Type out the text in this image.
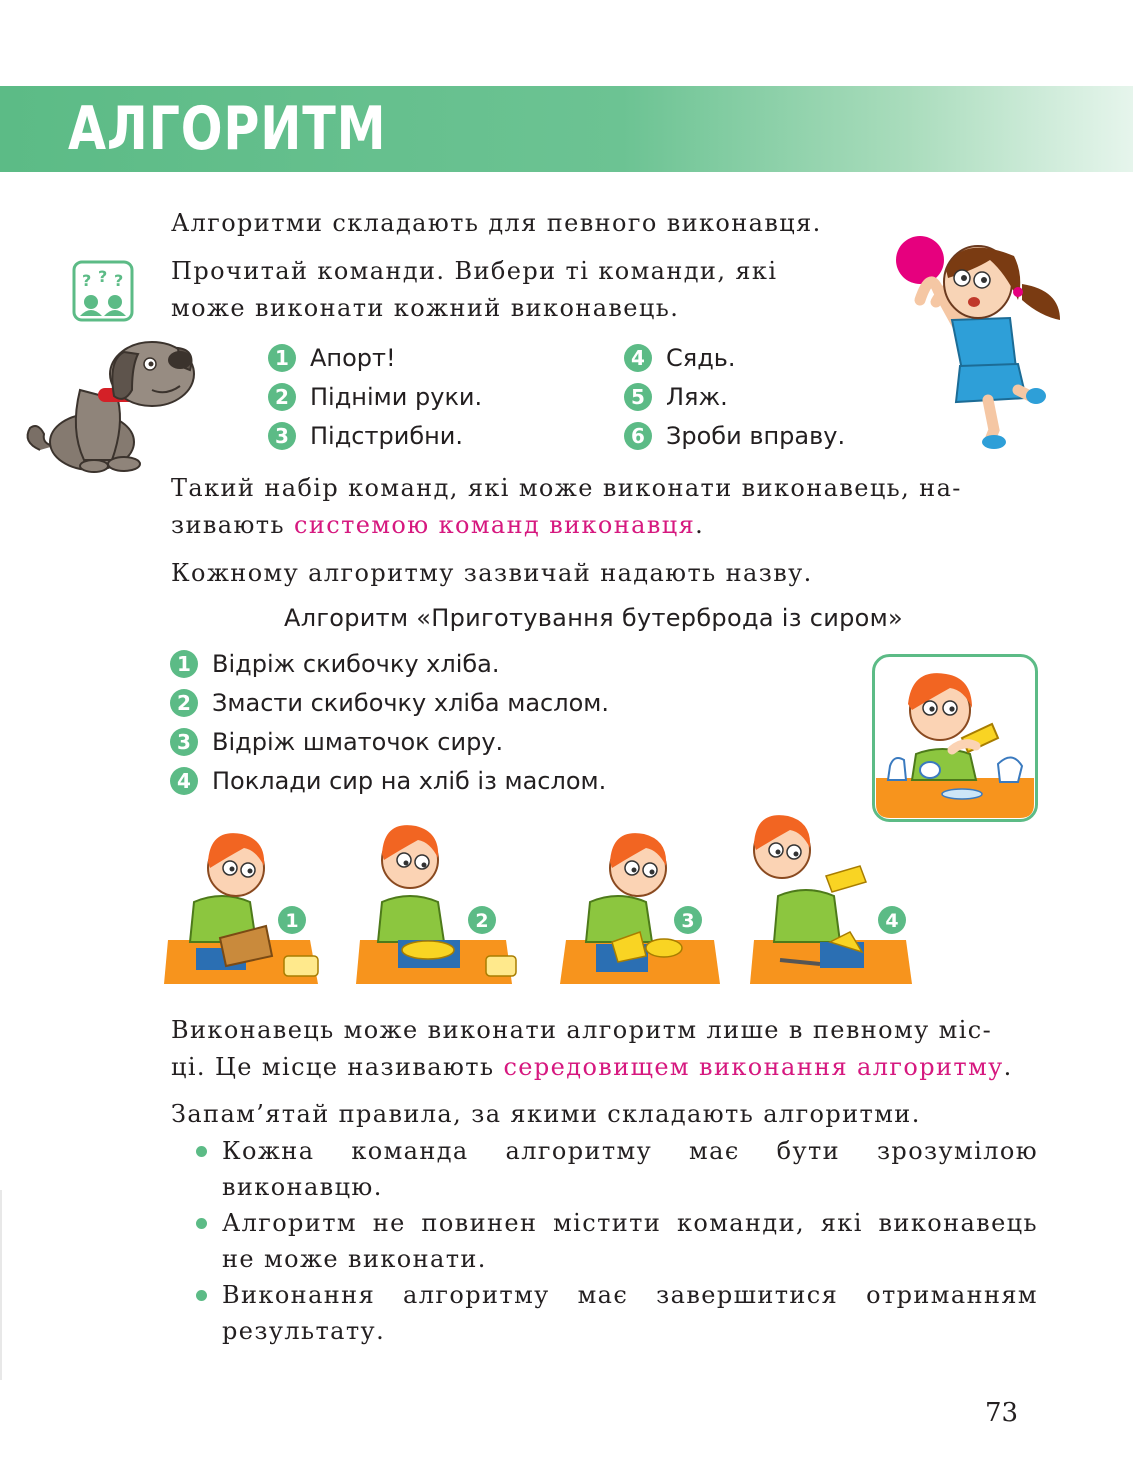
АЛГОРИТМ

Алгоритми складають для певного виконавця.

? ? ? Прочитай команди. Вибери ті команди, які

може виконати кожний виконавець.

1 Апорт!
2 Підніми руки.
3 Підстрибни.
4 Сядь.
5 Ляж.
6 Зроби вправу.

Такий набір команд, які може виконати виконавець, на-

зивають системою команд виконавця.

Кожному алгоритму зазвичай надають назву.

Алгоритм «Приготування бутерброда із сиром»

1 Відріж скибочку хліба.
2 Змасти скибочку хліба маслом.
3 Відріж шматочок сиру.
4 Поклади сир на хліб із маслом.
1	2	3	4

Виконавець може виконати алгоритм лише в певному міс-

ці. Це місце називають середовищем виконання алгоритму.

Запам’ятай правила, за якими складають алгоритми.

Кожна команда алгоритму має бути зрозумілою виконавцю.

Алгоритм не повинен містити команди, які виконавець не може виконати.

Виконання алгоритму має завершитися отриманням результату.

73
